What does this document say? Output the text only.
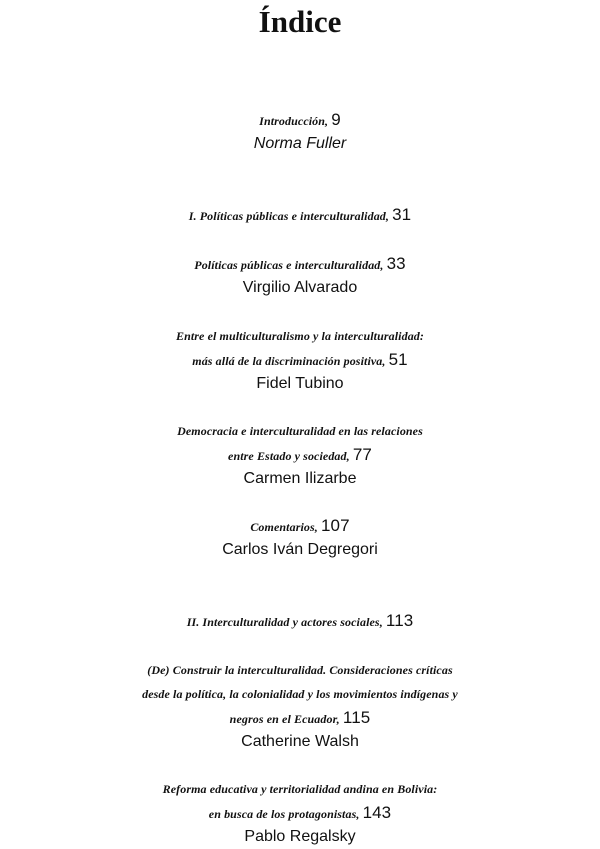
Índice
Introducción, 9
Norma Fuller
I. Políticas públicas e interculturalidad, 31
Políticas públicas e interculturalidad, 33
Virgilio Alvarado
Entre el multiculturalismo y la interculturalidad:
más allá de la discriminación positiva, 51
Fidel Tubino
Democracia e interculturalidad en las relaciones
entre Estado y sociedad, 77
Carmen Ilizarbe
Comentarios, 107
Carlos Iván Degregori
II. Interculturalidad y actores sociales, 113
(De) Construir la interculturalidad. Consideraciones críticas
desde la política, la colonialidad y los movimientos indígenas y
negros en el Ecuador, 115
Catherine Walsh
Reforma educativa y territorialidad andina en Bolivia:
en busca de los protagonistas, 143
Pablo Regalsky
